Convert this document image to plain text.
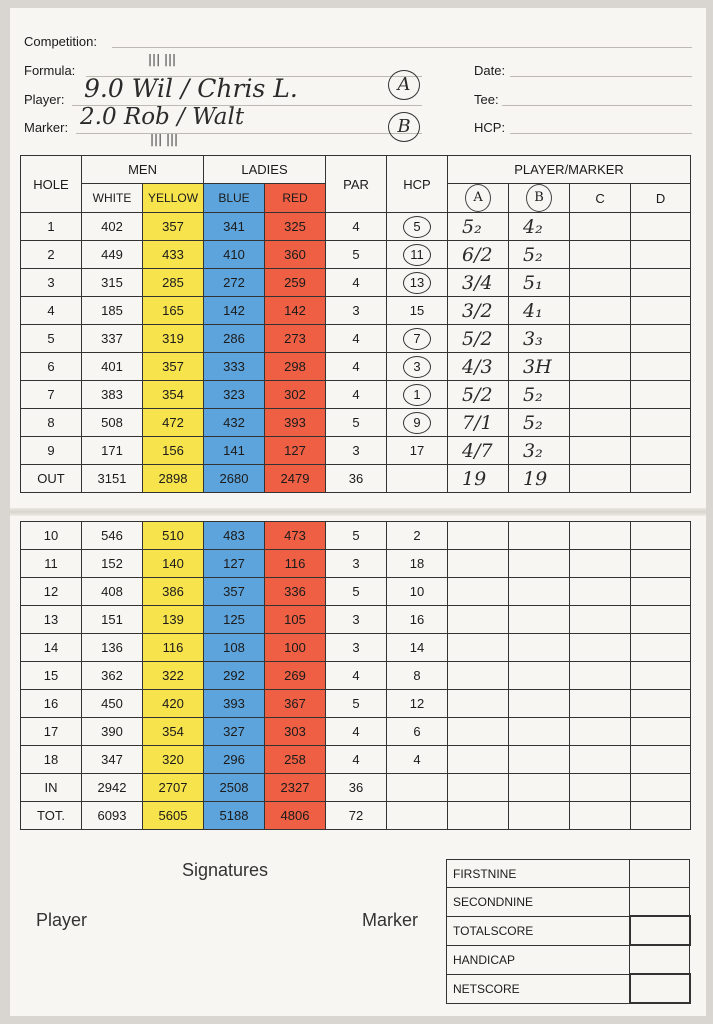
Competition:
Formula:
||| |||
Player: 9.0 Wil / Chris L.	A
Marker: 2.0 Rob / Walt	B
||| |||
Date:
Tee:
HCP:
HOLE	MEN		LADIES		PAR	HCP	PLAYER/MARKER			
	WHITE	YELLOW	BLUE	RED			A	B	C	D
1	402	357	341	325	4	5	5₂	4₂		
2	449	433	410	360	5	11	6/2	5₂		
3	315	285	272	259	4	13	3/4	5₁		
4	185	165	142	142	3	15	3/2	4₁		
5	337	319	286	273	4	7	5/2	3₃		
6	401	357	333	298	4	3	4/3	3H		
7	383	354	323	302	4	1	5/2	5₂		
8	508	472	432	393	5	9	7/1	5₂		
9	171	156	141	127	3	17	4/7	3₂		
OUT	3151	2898	2680	2479	36		19	19		
10	546	510	483	473	5	2				
11	152	140	127	116	3	18				
12	408	386	357	336	5	10				
13	151	139	125	105	3	16				
14	136	116	108	100	3	14				
15	362	322	292	269	4	8				
16	450	420	393	367	5	12				
17	390	354	327	303	4	6				
18	347	320	296	258	4	4				
IN	2942	2707	2508	2327	36					
TOT.	6093	5605	5188	4806	72					
Signatures
Player	Marker
FIRSTNINE	
SECONDNINE	
TOTALSCORE	
HANDICAP	
NETSCORE	
